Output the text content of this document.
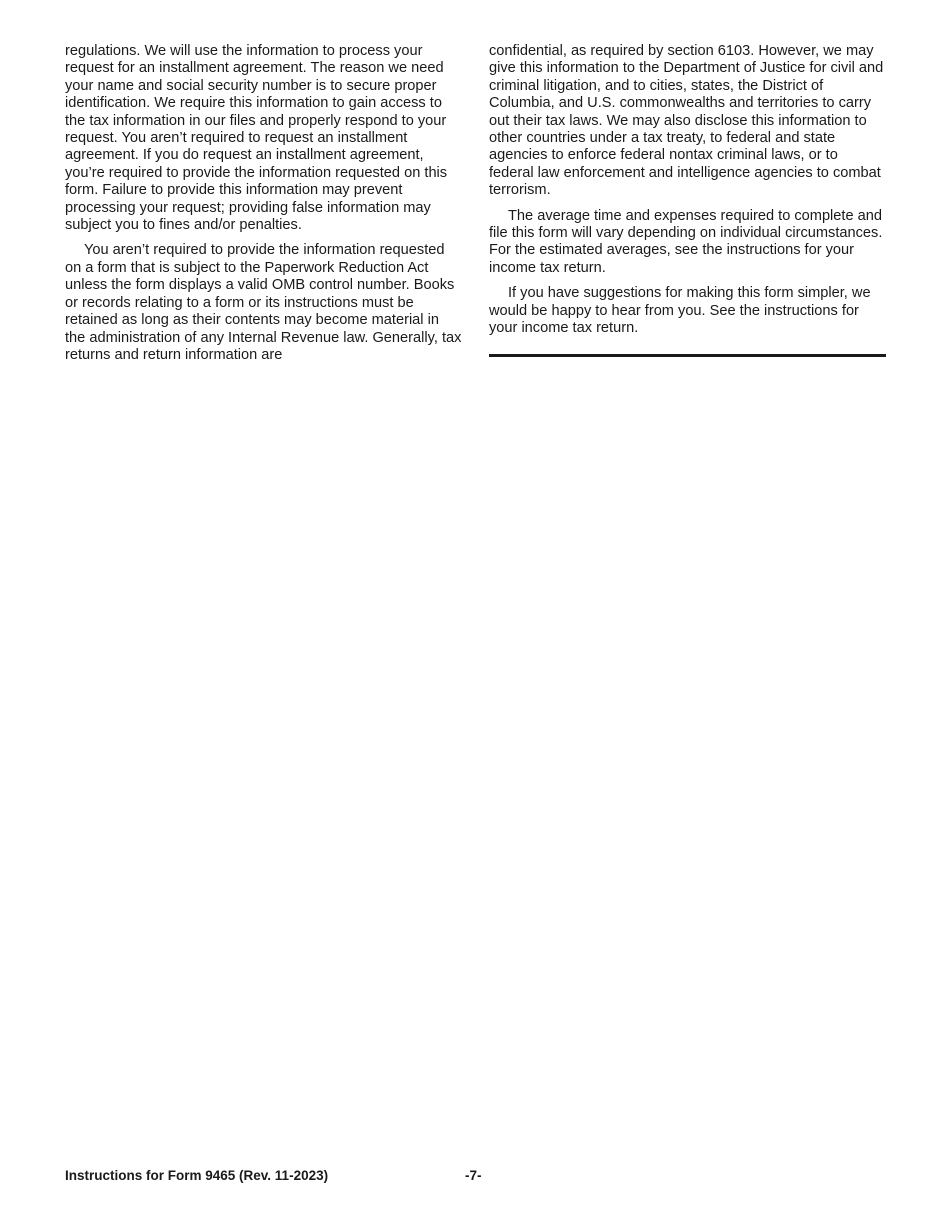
regulations. We will use the information to process your request for an installment agreement. The reason we need your name and social security number is to secure proper identification. We require this information to gain access to the tax information in our files and properly respond to your request. You aren’t required to request an installment agreement. If you do request an installment agreement, you’re required to provide the information requested on this form. Failure to provide this information may prevent processing your request; providing false information may subject you to fines and/or penalties.

You aren’t required to provide the information requested on a form that is subject to the Paperwork Reduction Act unless the form displays a valid OMB control number. Books or records relating to a form or its instructions must be retained as long as their contents may become material in the administration of any Internal Revenue law. Generally, tax returns and return information are

confidential, as required by section 6103. However, we may give this information to the Department of Justice for civil and criminal litigation, and to cities, states, the District of Columbia, and U.S. commonwealths and territories to carry out their tax laws. We may also disclose this information to other countries under a tax treaty, to federal and state agencies to enforce federal nontax criminal laws, or to federal law enforcement and intelligence agencies to combat terrorism.

The average time and expenses required to complete and file this form will vary depending on individual circumstances. For the estimated averages, see the instructions for your income tax return.

If you have suggestions for making this form simpler, we would be happy to hear from you. See the instructions for your income tax return.

Instructions for Form 9465 (Rev. 11-2023)	-7-
